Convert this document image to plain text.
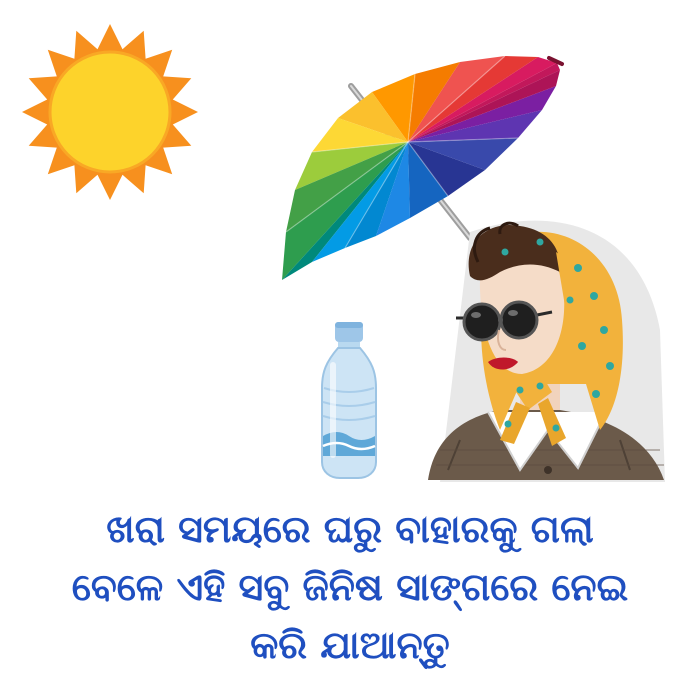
ଖରା ସମୟରେ ଘରୁ ବାହାରକୁ ଗଲା
ବେଳେ ଏହି ସବୁ ଜିନିଷ ସାଙ୍ଗରେ ନେଇ
କରି ଯାଆନ୍ତୁ
